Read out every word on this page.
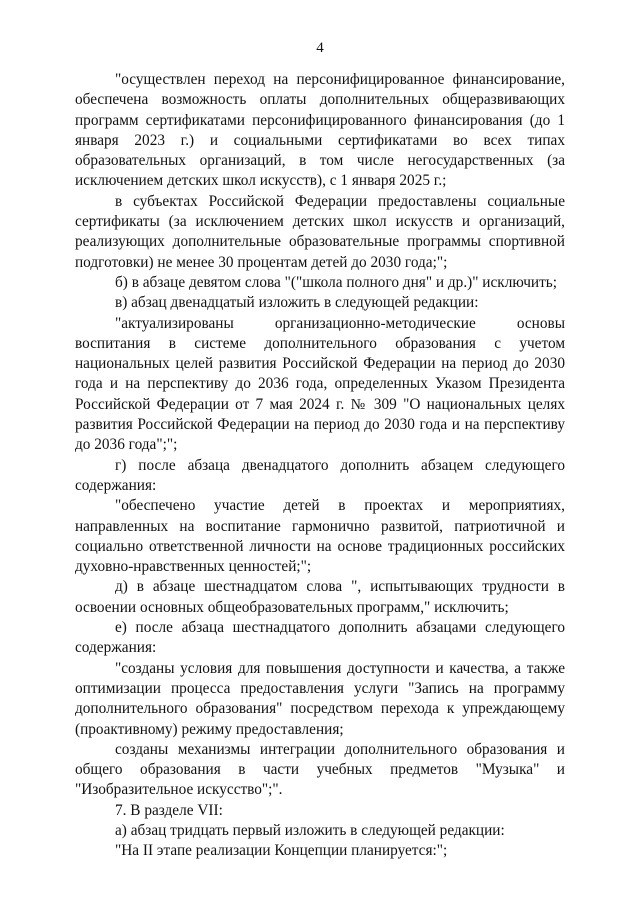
4

"осуществлен переход на персонифицированное финансирование, обеспечена возможность оплаты дополнительных общеразвивающих программ сертификатами персонифицированного финансирования (до 1 января 2023 г.) и социальными сертификатами во всех типах образовательных организаций, в том числе негосударственных (за исключением детских школ искусств), с 1 января 2025 г.;

в субъектах Российской Федерации предоставлены социальные сертификаты (за исключением детских школ искусств и организаций, реализующих дополнительные образовательные программы спортивной подготовки) не менее 30 процентам детей до 2030 года;";

б) в абзаце девятом слова "("школа полного дня" и др.)" исключить;

в) абзац двенадцатый изложить в следующей редакции:

"актуализированы организационно-методические основы воспитания в системе дополнительного образования с учетом национальных целей развития Российской Федерации на период до 2030 года и на перспективу до 2036 года, определенных Указом Президента Российской Федерации от 7 мая 2024 г. № 309 "О национальных целях развития Российской Федерации на период до 2030 года и на перспективу до 2036 года";";

г) после абзаца двенадцатого дополнить абзацем следующего содержания:

"обеспечено участие детей в проектах и мероприятиях, направленных на воспитание гармонично развитой, патриотичной и социально ответственной личности на основе традиционных российских духовно-нравственных ценностей;";

д) в абзаце шестнадцатом слова ", испытывающих трудности в освоении основных общеобразовательных программ," исключить;

е) после абзаца шестнадцатого дополнить абзацами следующего содержания:

"созданы условия для повышения доступности и качества, а также оптимизации процесса предоставления услуги "Запись на программу дополнительного образования" посредством перехода к упреждающему (проактивному) режиму предоставления;

созданы механизмы интеграции дополнительного образования и общего образования в части учебных предметов "Музыка" и "Изобразительное искусство";".

7. В разделе VII:

а) абзац тридцать первый изложить в следующей редакции:

"На II этапе реализации Концепции планируется:";
